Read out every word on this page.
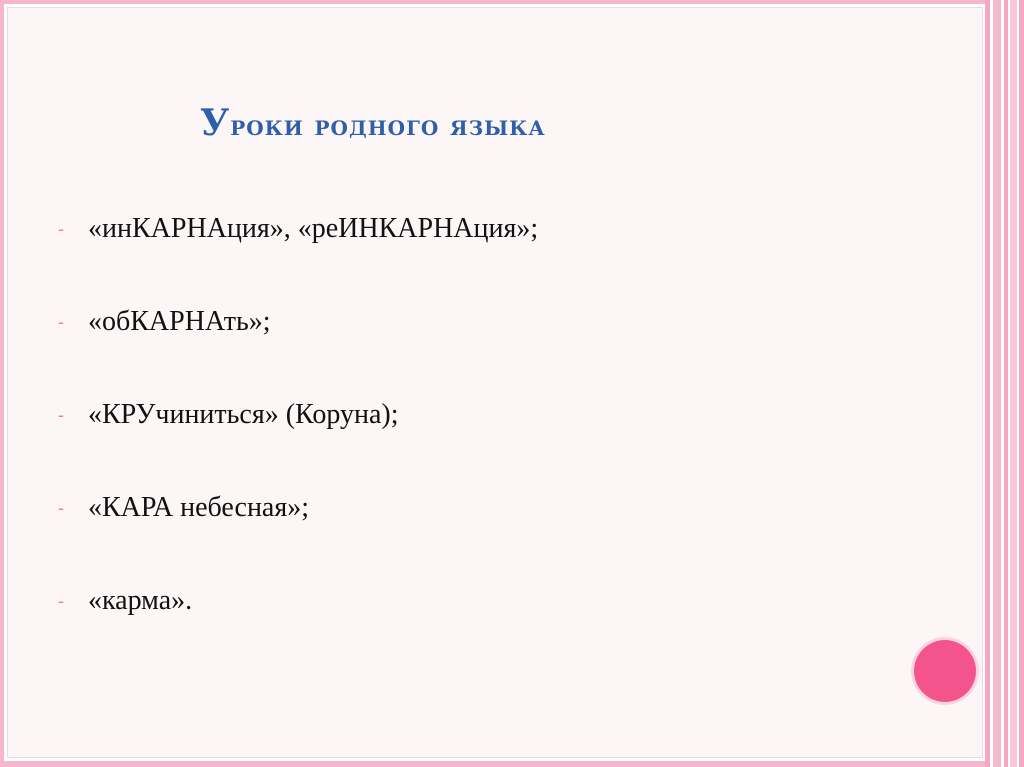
Уроки родного языка
- «инКАРНАция», «реИНКАРНАция»;
- «обКАРНАть»;
- «КРУчиниться» (Коруна);
- «КАРА небесная»;
- «карма».
